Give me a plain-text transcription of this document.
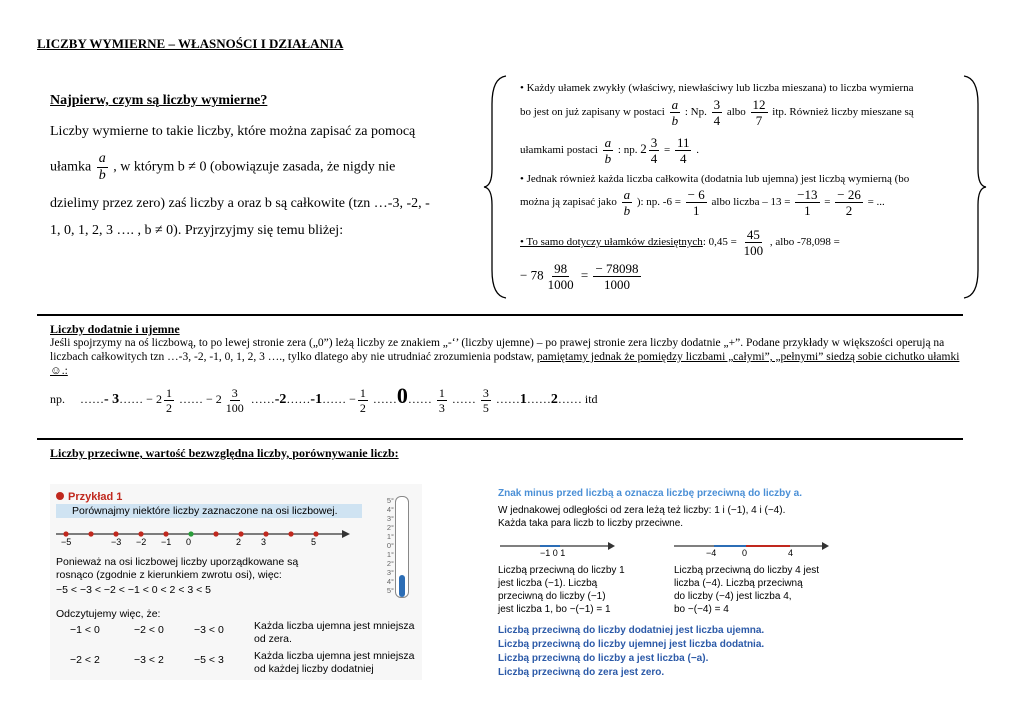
LICZBY WYMIERNE – WŁASNOŚCI I DZIAŁANIA
Najpierw, czym są liczby wymierne?
Liczby wymierne to takie liczby, które można zapisać za pomocą
ułamka $\frac{a}{b}$ , w którym b ≠ 0 (obowiązuje zasada, że nigdy nie
dzielimy przez zero) zaś liczby a oraz b są całkowite (tzn …-3, -2, -
1, 0, 1, 2, 3 …. , b ≠ 0). Przyjrzyjmy się temu bliżej:
• Każdy ułamek zwykły (właściwy, niewłaściwy lub liczba mieszana) to liczba wymierna
bo jest on już zapisany w postaci $\frac{a}{b}$ : Np. $\frac{3}{4}$ albo $\frac{12}{7}$ itp. Również liczby mieszane są
ułamkami postaci $\frac{a}{b}$ : np. $2 \frac{3}{4} = \frac{11}{4}$ .
• Jednak również każda liczba całkowita (dodatnia lub ujemna) jest liczbą wymierną (bo
można ją zapisać jako $\frac{a}{b}$ ): np. $-6 = \frac{- 6}{1}$ albo liczba – $13 = \frac{-13}{1} = \frac{- 26}{2}$ = ...
• To samo dotyczy ułamków dziesiętnych: $0,45 = \frac{45}{100}$ , albo -78,098 =
− $78 \frac{98}{1000} = \frac{- 78098}{1000}$
Liczby dodatnie i ujemne
Jeśli spojrzymy na oś liczbową, to po lewej stronie zera („0”) leżą liczby ze znakiem „-‘’ (liczby ujemne) – po prawej stronie zera liczby dodatnie „+”. Podane przykłady w większości operują na liczbach całkowitych tzn …-3, -2, -1, 0, 1, 2, 3 …., tylko dlatego aby nie utrudniać zrozumienia podstaw, pamiętamy jednak że pomiędzy liczbami „całymi”, „pełnymi” siedzą sobie cichutko ułamki ☺.:
np. ……- 3…… − $2 \frac{1}{2}$ …… − $2 \frac{3}{100}$ ……-2……-1…… − $\frac{1}{2}$ ……0…… $\frac{1}{3}$ …… $\frac{3}{5}$ ……1……2…… itd
Liczby przeciwne, wartość bezwzględna liczby, porównywanie liczb:
Przykład 1
Porównajmy niektóre liczby zaznaczone na osi liczbowej.
−5	−3 −2 −1 0	2 3	5
Ponieważ na osi liczbowej liczby uporządkowane są
rosnąco (zgodnie z kierunkiem zwrotu osi), więc:
−5 < −3 < −2 < −1 < 0 < 2 < 3 < 5
Odczytujemy więc, że:
−1 < 0	−2 < 0	−3 < 0
−2 < 2	−3 < 2	−5 < 3
Każda liczba ujemna jest mniejsza
od zera.
Każda liczba ujemna jest mniejsza
od każdej liczby dodatniej
5°
4°
3°
2°
1°
0°
1°
2°
3°
4°
5°
Znak minus przed liczbą a oznacza liczbę przeciwną do liczby a.
W jednakowej odległości od zera leżą też liczby: 1 i (−1), 4 i (−4).
Każda taka para liczb to liczby przeciwne.
−1 0 1	−4	0	4
Liczbą przeciwną do liczby 1
jest liczba (−1). Liczbą
przeciwną do liczby (−1)
jest liczba 1, bo −(−1) = 1
Liczbą przeciwną do liczby 4 jest
liczba (−4). Liczbą przeciwną
do liczby (−4) jest liczba 4,
bo −(−4) = 4
Liczbą przeciwną do liczby dodatniej jest liczba ujemna.
Liczbą przeciwną do liczby ujemnej jest liczba dodatnia.
Liczbą przeciwną do liczby a jest liczba (−a).
Liczbą przeciwną do zera jest zero.
